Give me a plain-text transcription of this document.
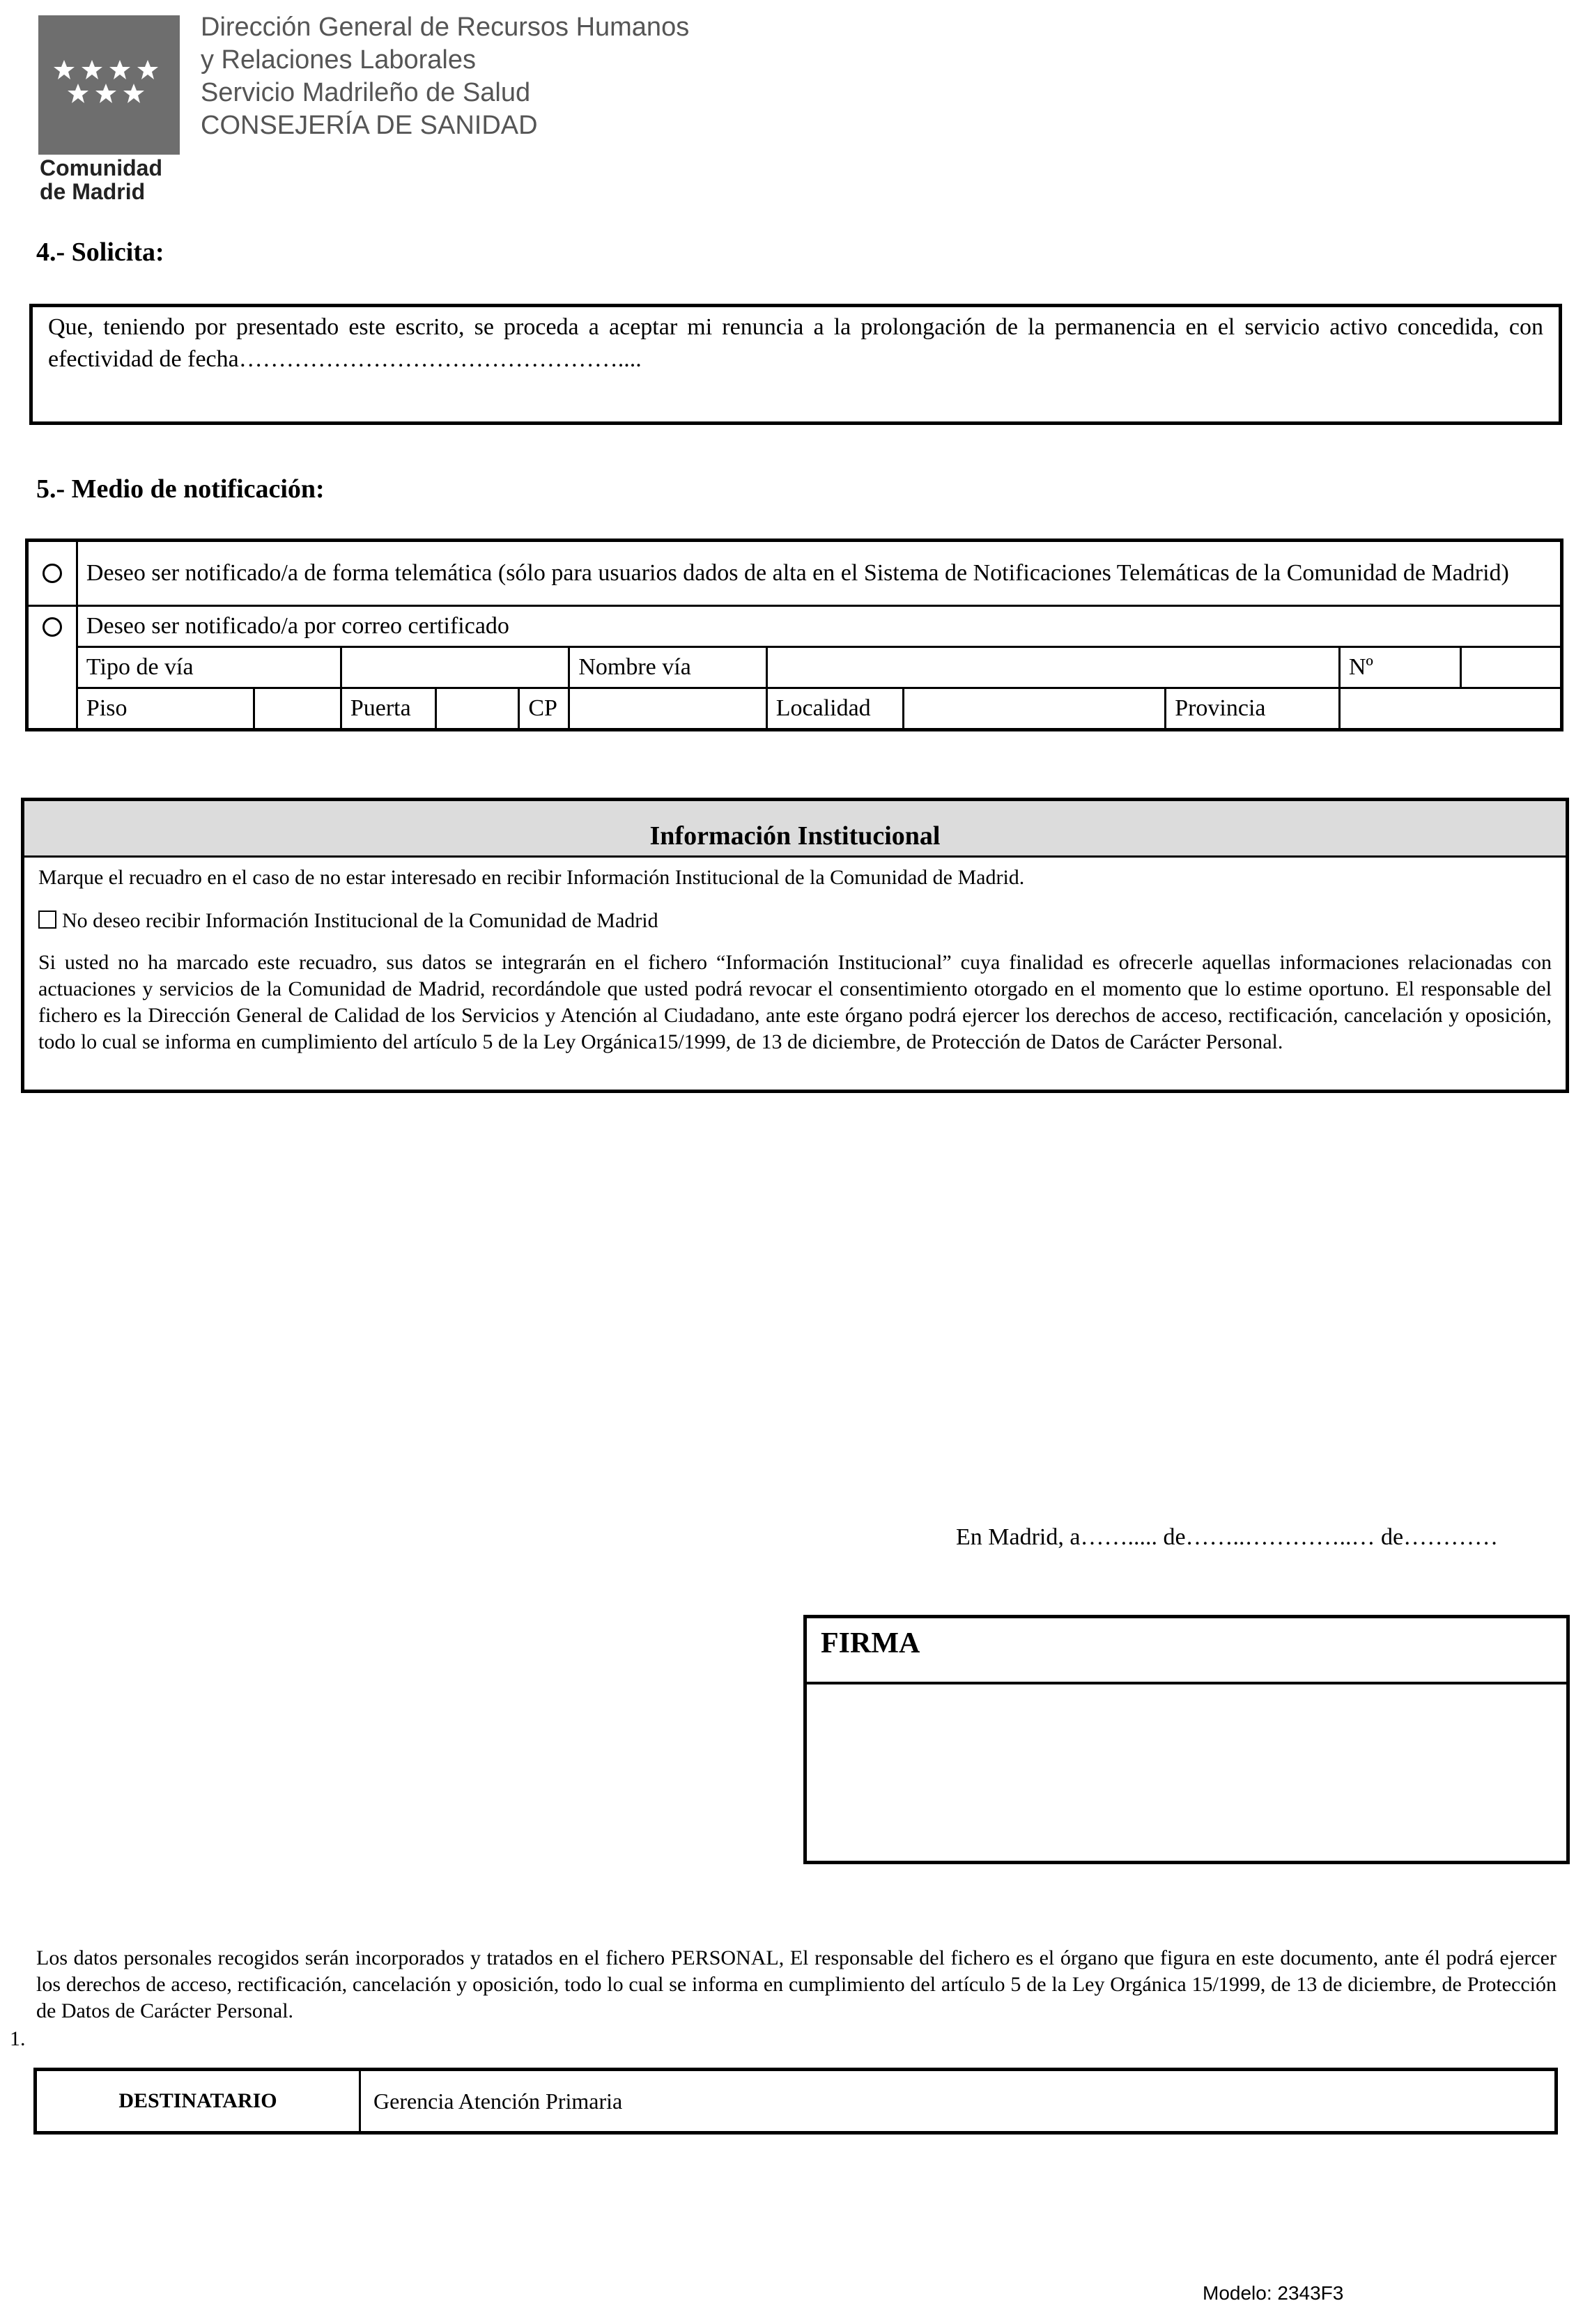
Comunidad
de Madrid
Dirección General de Recursos Humanos
y Relaciones Laborales
Servicio Madrileño de Salud
CONSEJERÍA DE SANIDAD
4.- Solicita:
Que, teniendo por presentado este escrito, se proceda a aceptar mi renuncia a la prolongación de la permanencia en el servicio activo concedida, con efectividad de fecha…………………………………………....
5.- Medio de notificación:
	Deseo ser notificado/a de forma telemática (sólo para usuarios dados de alta en el Sistema de Notificaciones Telemáticas de la Comunidad de Madrid)										

	Deseo ser notificado/a por correo certificado										
	Tipo de vía					Nombre vía				Nº	
	Piso		Puerta		CP		Localidad		Provincia		
Información Institucional
Marque el recuadro en el caso de no estar interesado en recibir Información Institucional de la Comunidad de Madrid.
No deseo recibir Información Institucional de la Comunidad de Madrid
Si usted no ha marcado este recuadro, sus datos se integrarán en el fichero “Información Institucional” cuya finalidad es ofrecerle aquellas informaciones relacionadas con actuaciones y servicios de la Comunidad de Madrid, recordándole que usted podrá revocar el consentimiento otorgado en el momento que lo estime oportuno. El responsable del fichero es la Dirección General de Calidad de los Servicios y Atención al Ciudadano, ante este órgano podrá ejercer los derechos de acceso, rectificación, cancelación y oposición, todo lo cual se informa en cumplimiento del artículo 5 de la Ley Orgánica15/1999, de 13 de diciembre, de Protección de Datos de Carácter Personal.
En Madrid, a……..... de……..…………..… de…………
FIRMA
Los datos personales recogidos serán incorporados y tratados en el fichero PERSONAL, El responsable del fichero es el órgano que figura en este documento, ante él podrá ejercer los derechos de acceso, rectificación, cancelación y oposición, todo lo cual se informa en cumplimiento del artículo 5 de la Ley Orgánica 15/1999, de 13 de diciembre, de Protección de Datos de Carácter Personal.
1.
DESTINATARIO	Gerencia Atención Primaria
Modelo: 2343F3
